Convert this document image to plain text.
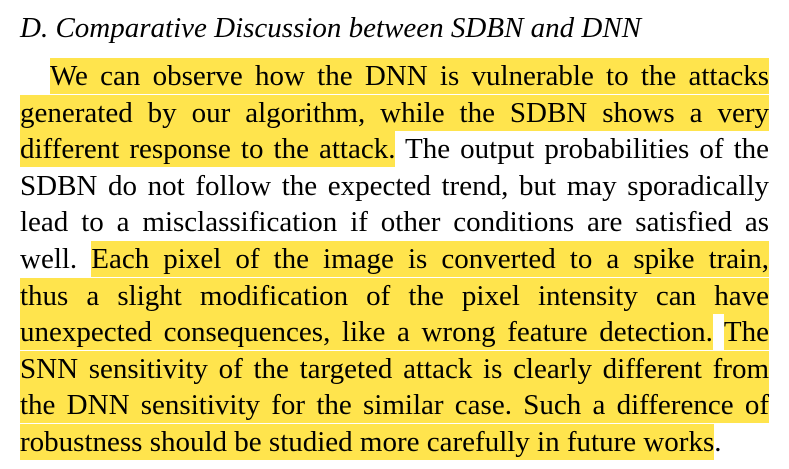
D. Comparative Discussion between SDBN and DNN
We can observe how the DNN is vulnerable to the attacks
generated by our algorithm, while the SDBN shows a very
different response to the attack. The output probabilities of the
SDBN do not follow the expected trend, but may sporadically
lead to a misclassification if other conditions are satisfied as
well. Each pixel of the image is converted to a spike train,
thus a slight modification of the pixel intensity can have
unexpected consequences, like a wrong feature detection. The
SNN sensitivity of the targeted attack is clearly different from
the DNN sensitivity for the similar case. Such a difference of
robustness should be studied more carefully in future works.
